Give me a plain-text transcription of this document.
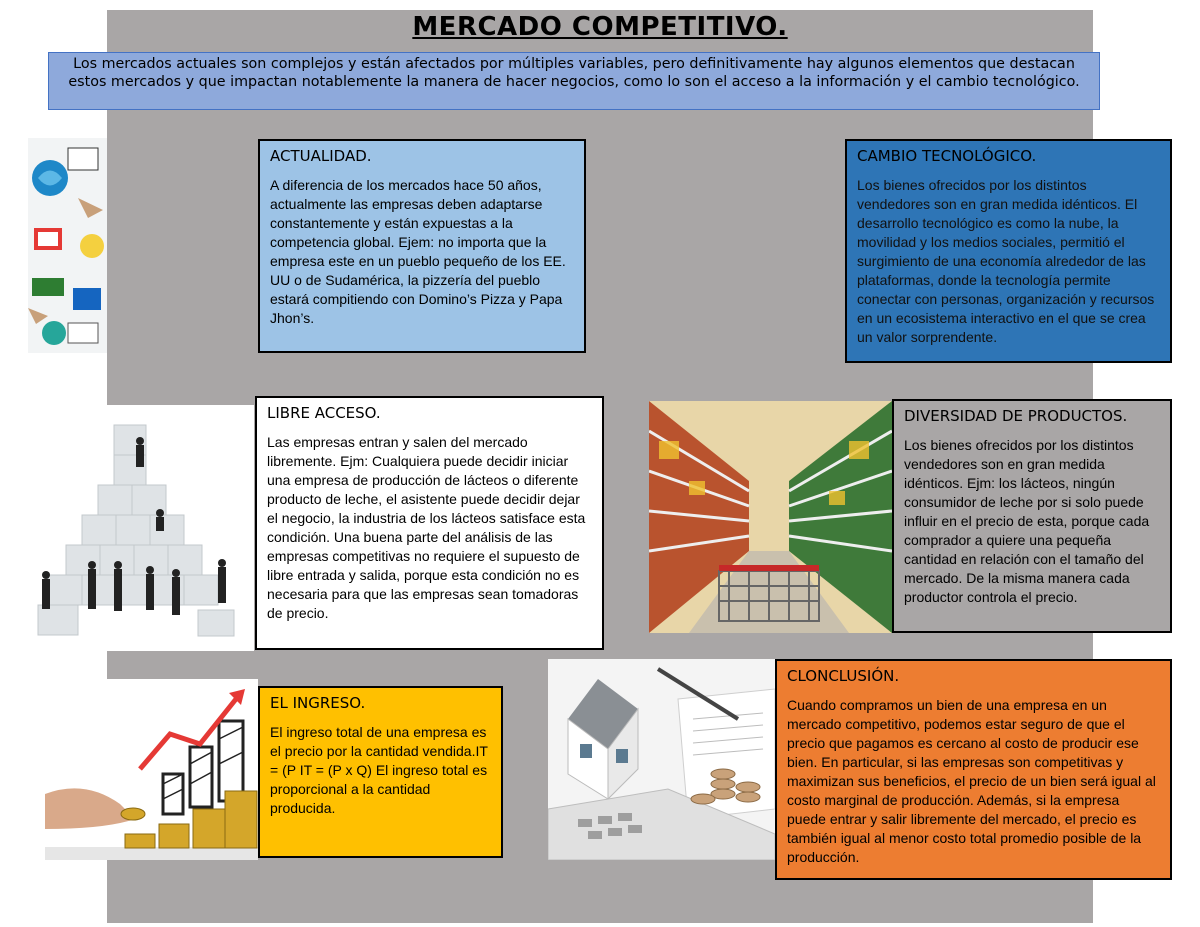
MERCADO COMPETITIVO.
Los mercados actuales son complejos y están afectados por múltiples variables, pero definitivamente hay algunos elementos que destacan estos mercados y que impactan notablemente la manera de hacer negocios, como lo son el acceso a la información y el cambio tecnológico.
ACTUALIDAD.
A diferencia de los mercados hace 50 años, actualmente las empresas deben adaptarse constantemente y están expuestas a la competencia global. Ejem: no importa que la empresa este en un pueblo pequeño de los EE. UU o de Sudamérica, la pizzería del pueblo estará compitiendo con Domino’s Pizza y Papa Jhon’s.
CAMBIO TECNOLÓGICO.
Los bienes ofrecidos por los distintos vendedores son en gran medida idénticos. El desarrollo tecnológico es como la nube, la movilidad y los medios sociales, permitió el surgimiento de una economía alrededor de las plataformas, donde la tecnología permite conectar con personas, organización y recursos en un ecosistema interactivo en el que se crea un valor sorprendente.
LIBRE ACCESO.
Las empresas entran y salen del mercado libremente. Ejm: Cualquiera puede decidir iniciar una empresa de producción de lácteos o diferente producto de leche, el asistente puede decidir dejar el negocio, la industria de los lácteos satisface esta condición. Una buena parte del análisis de las empresas competitivas no requiere el supuesto de libre entrada y salida, porque esta condición no es necesaria para que las empresas sean tomadoras de precio.
DIVERSIDAD DE PRODUCTOS.
Los bienes ofrecidos por los distintos vendedores son en gran medida idénticos. Ejm: los lácteos, ningún consumidor de leche por si solo puede influir en el precio de esta, porque cada comprador a quiere una pequeña cantidad en relación con el tamaño del mercado. De la misma manera cada productor controla el precio.
EL INGRESO.
El ingreso total de una empresa es el precio por la cantidad vendida.IT = (P IT = (P x Q) El ingreso total es proporcional a la cantidad producida.
CLONCLUSIÓN.
Cuando compramos un bien de una empresa en un mercado competitivo, podemos estar seguro de que el precio que pagamos es cercano al costo de producir ese bien. En particular, si las empresas son competitivas y maximizan sus beneficios, el precio de un bien será igual al costo marginal de producción. Además, si la empresa puede entrar y salir libremente del mercado, el precio es también igual al menor costo total promedio posible de la producción.
